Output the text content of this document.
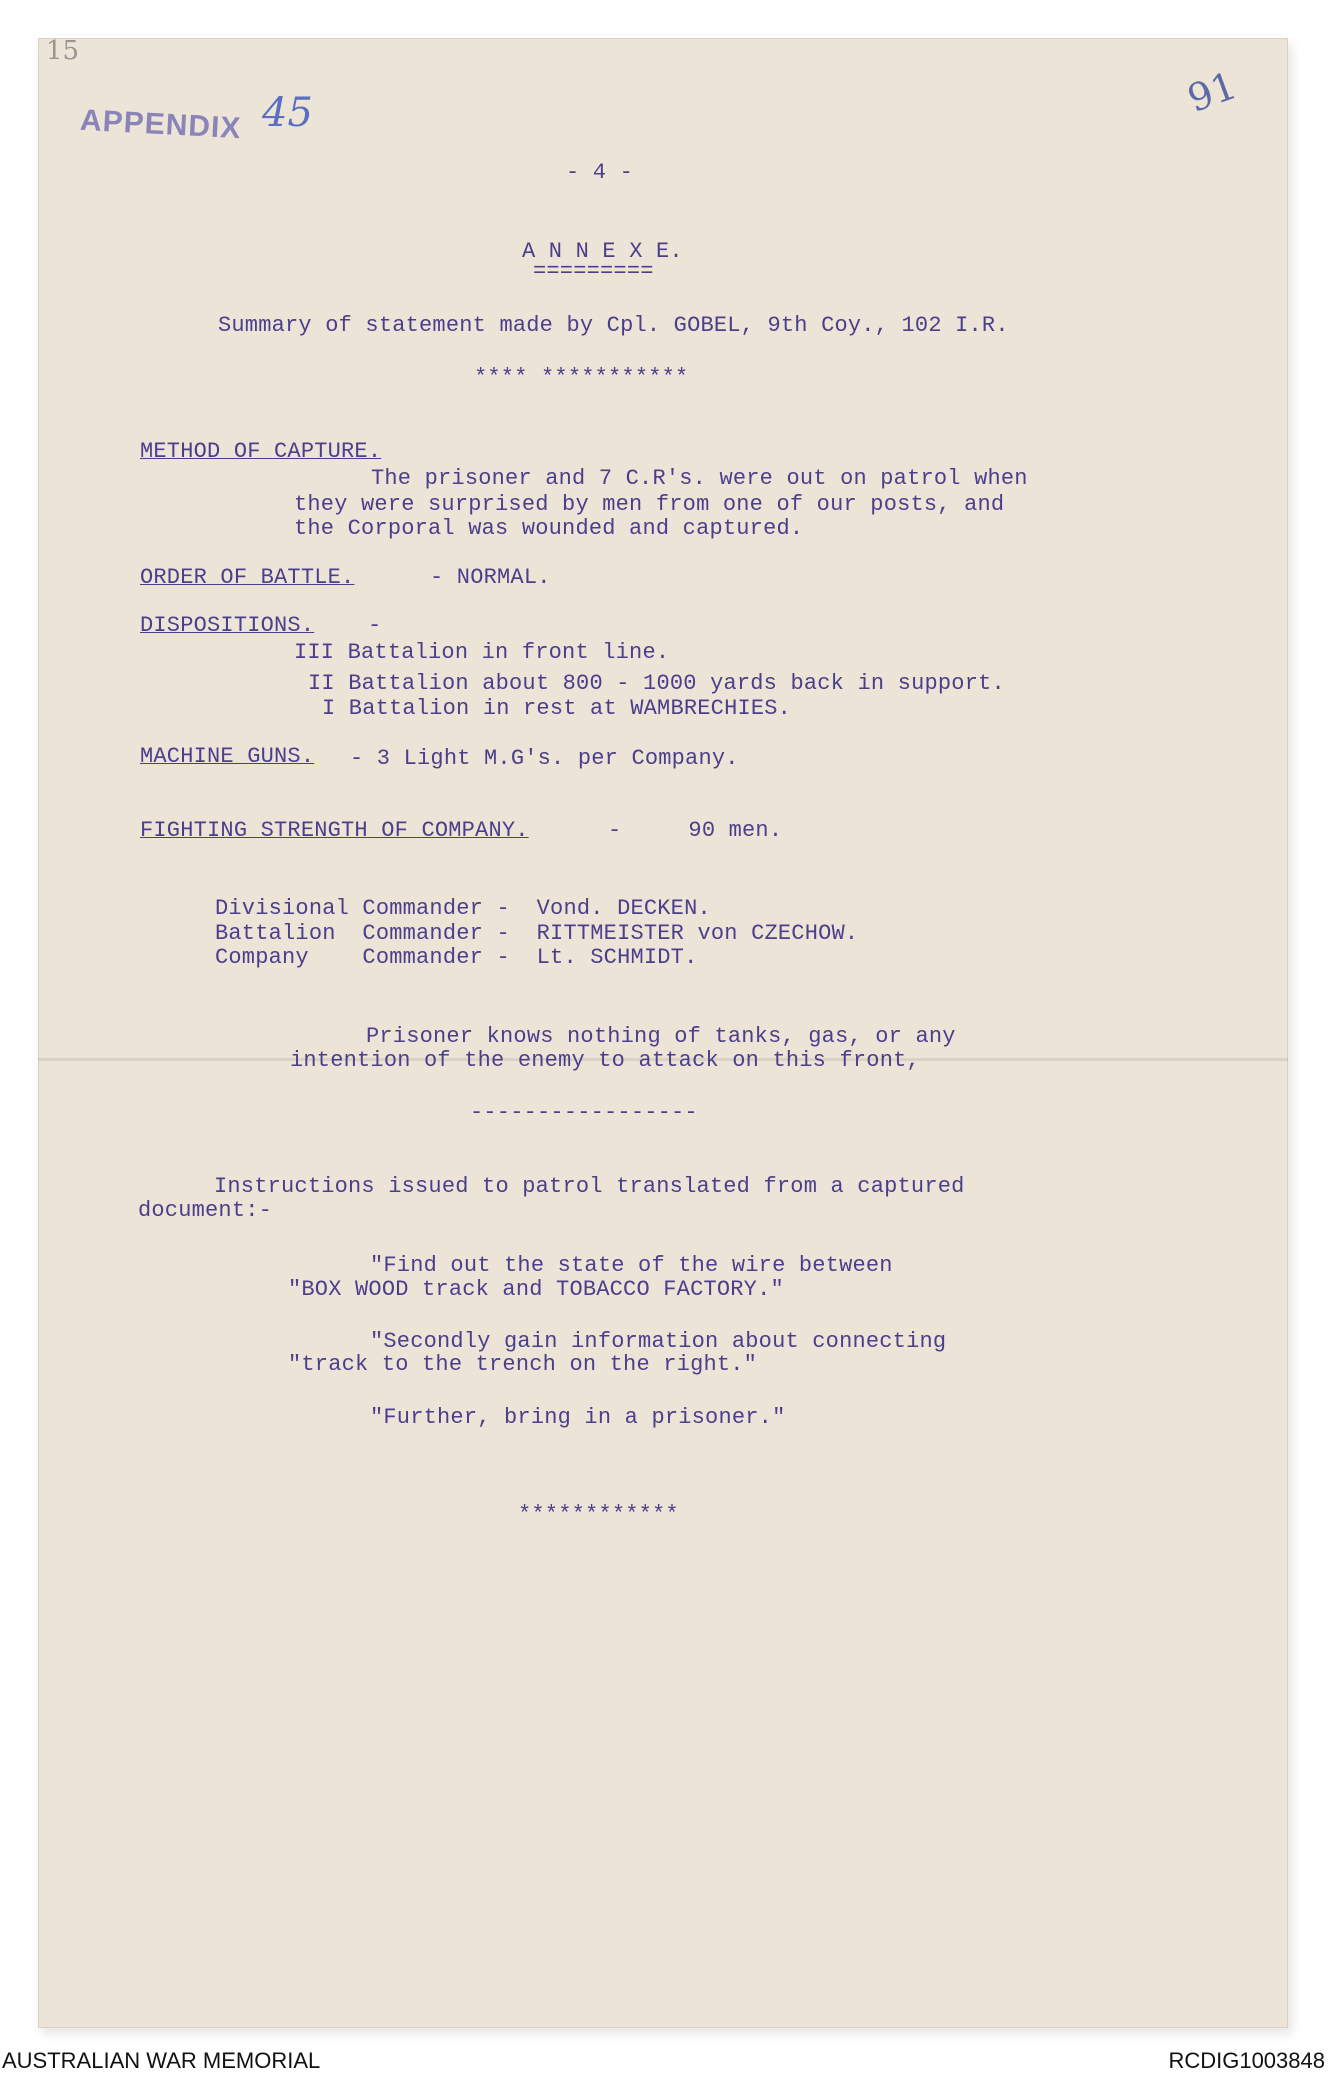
15
APPENDIX 45	91
- 4 -
A N N E X E.
=========
Summary of statement made by Cpl. GOBEL, 9th Coy., 102 I.R.
**** ***********
METHOD OF CAPTURE.
The prisoner and 7 C.R's. were out on patrol when
they were surprised by men from one of our posts, and
the Corporal was wounded and captured.
ORDER OF BATTLE.	- NORMAL.
DISPOSITIONS. -
III Battalion in front line.
II Battalion about 800 - 1000 yards back in support.
I Battalion in rest at WAMBRECHIES.
MACHINE GUNS. - 3 Light M.G's. per Company.
FIGHTING STRENGTH OF COMPANY.	-     90 men.
Divisional Commander -  Vond. DECKEN.
Battalion  Commander -  RITTMEISTER von CZECHOW.
Company    Commander -  Lt. SCHMIDT.
Prisoner knows nothing of tanks, gas, or any
intention of the enemy to attack on this front,
-----------------
Instructions issued to patrol translated from a captured
document:-
"Find out the state of the wire between
"BOX WOOD track and TOBACCO FACTORY."
"Secondly gain information about connecting
"track to the trench on the right."
"Further, bring in a prisoner."
************
AUSTRALIAN WAR MEMORIAL	RCDIG1003848
